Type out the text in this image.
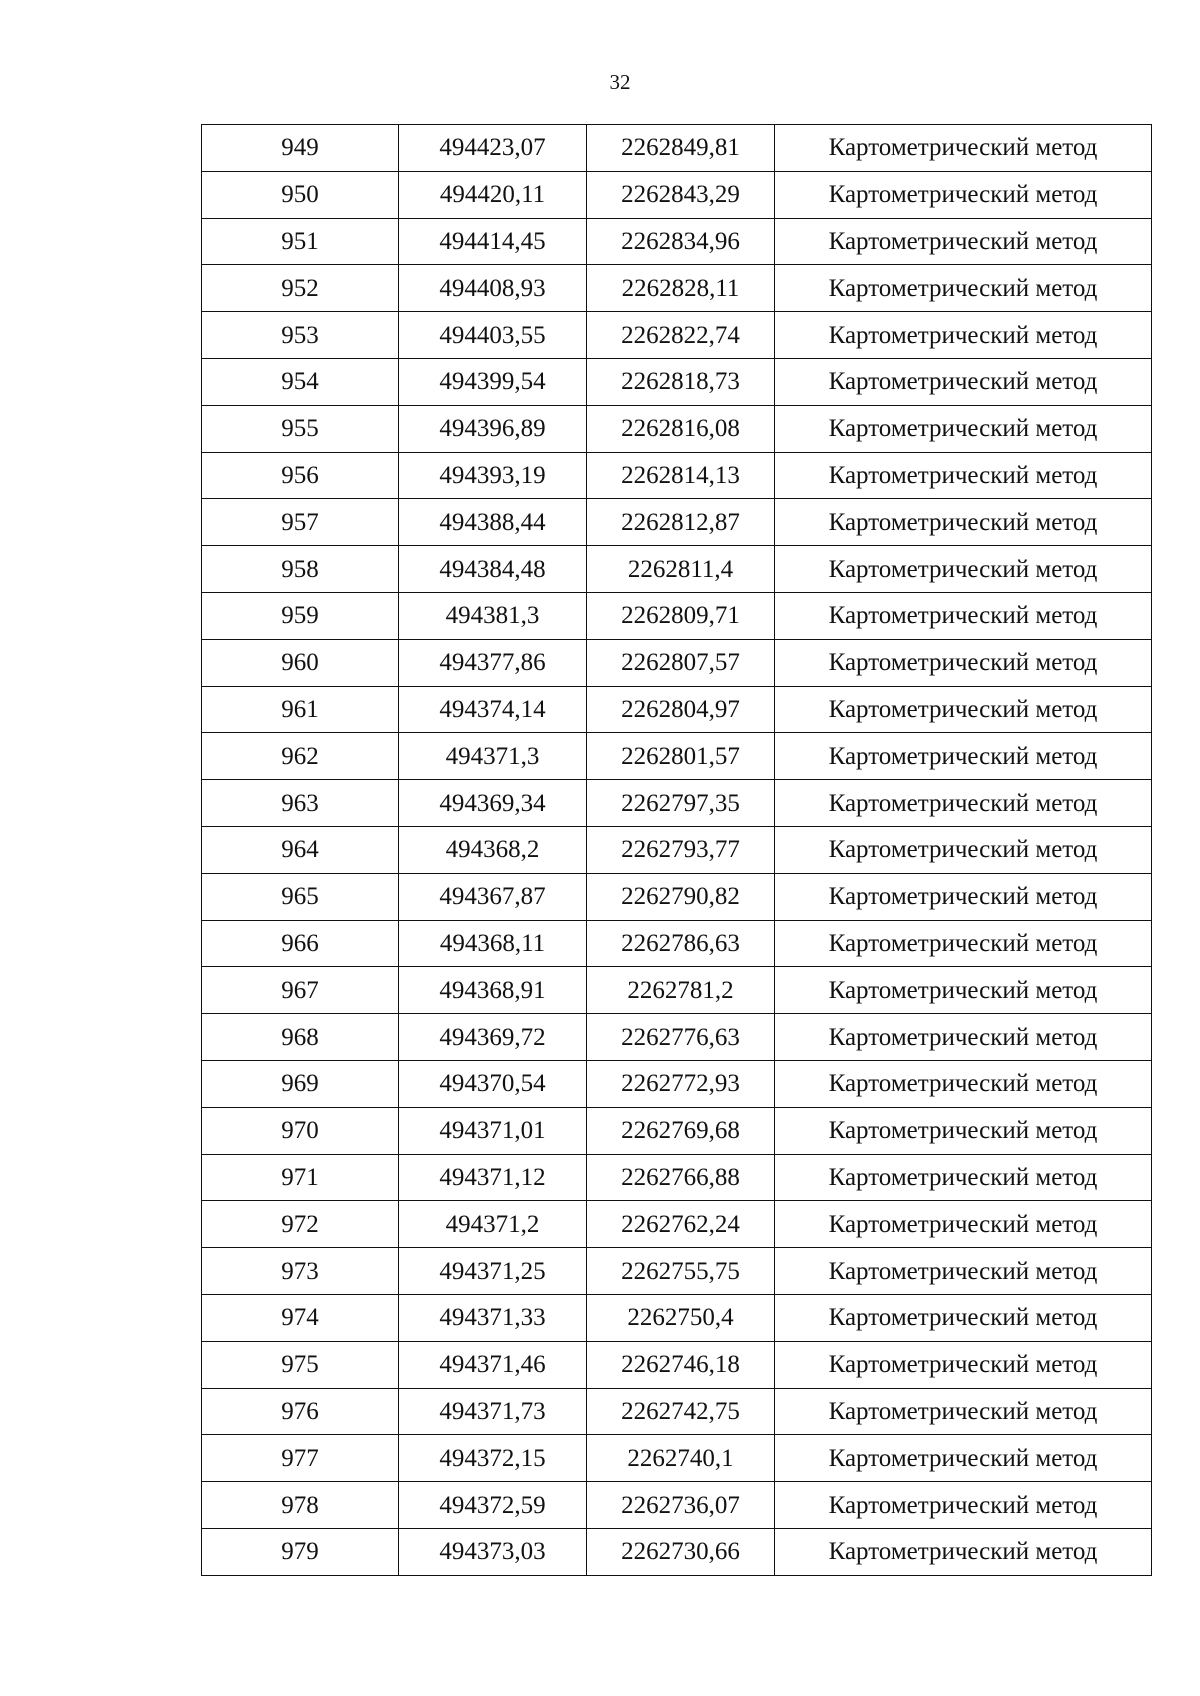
32
949	494423,07	2262849,81	Картометрический метод
950	494420,11	2262843,29	Картометрический метод
951	494414,45	2262834,96	Картометрический метод
952	494408,93	2262828,11	Картометрический метод
953	494403,55	2262822,74	Картометрический метод
954	494399,54	2262818,73	Картометрический метод
955	494396,89	2262816,08	Картометрический метод
956	494393,19	2262814,13	Картометрический метод
957	494388,44	2262812,87	Картометрический метод
958	494384,48	2262811,4	Картометрический метод
959	494381,3	2262809,71	Картометрический метод
960	494377,86	2262807,57	Картометрический метод
961	494374,14	2262804,97	Картометрический метод
962	494371,3	2262801,57	Картометрический метод
963	494369,34	2262797,35	Картометрический метод
964	494368,2	2262793,77	Картометрический метод
965	494367,87	2262790,82	Картометрический метод
966	494368,11	2262786,63	Картометрический метод
967	494368,91	2262781,2	Картометрический метод
968	494369,72	2262776,63	Картометрический метод
969	494370,54	2262772,93	Картометрический метод
970	494371,01	2262769,68	Картометрический метод
971	494371,12	2262766,88	Картометрический метод
972	494371,2	2262762,24	Картометрический метод
973	494371,25	2262755,75	Картометрический метод
974	494371,33	2262750,4	Картометрический метод
975	494371,46	2262746,18	Картометрический метод
976	494371,73	2262742,75	Картометрический метод
977	494372,15	2262740,1	Картометрический метод
978	494372,59	2262736,07	Картометрический метод
979	494373,03	2262730,66	Картометрический метод
